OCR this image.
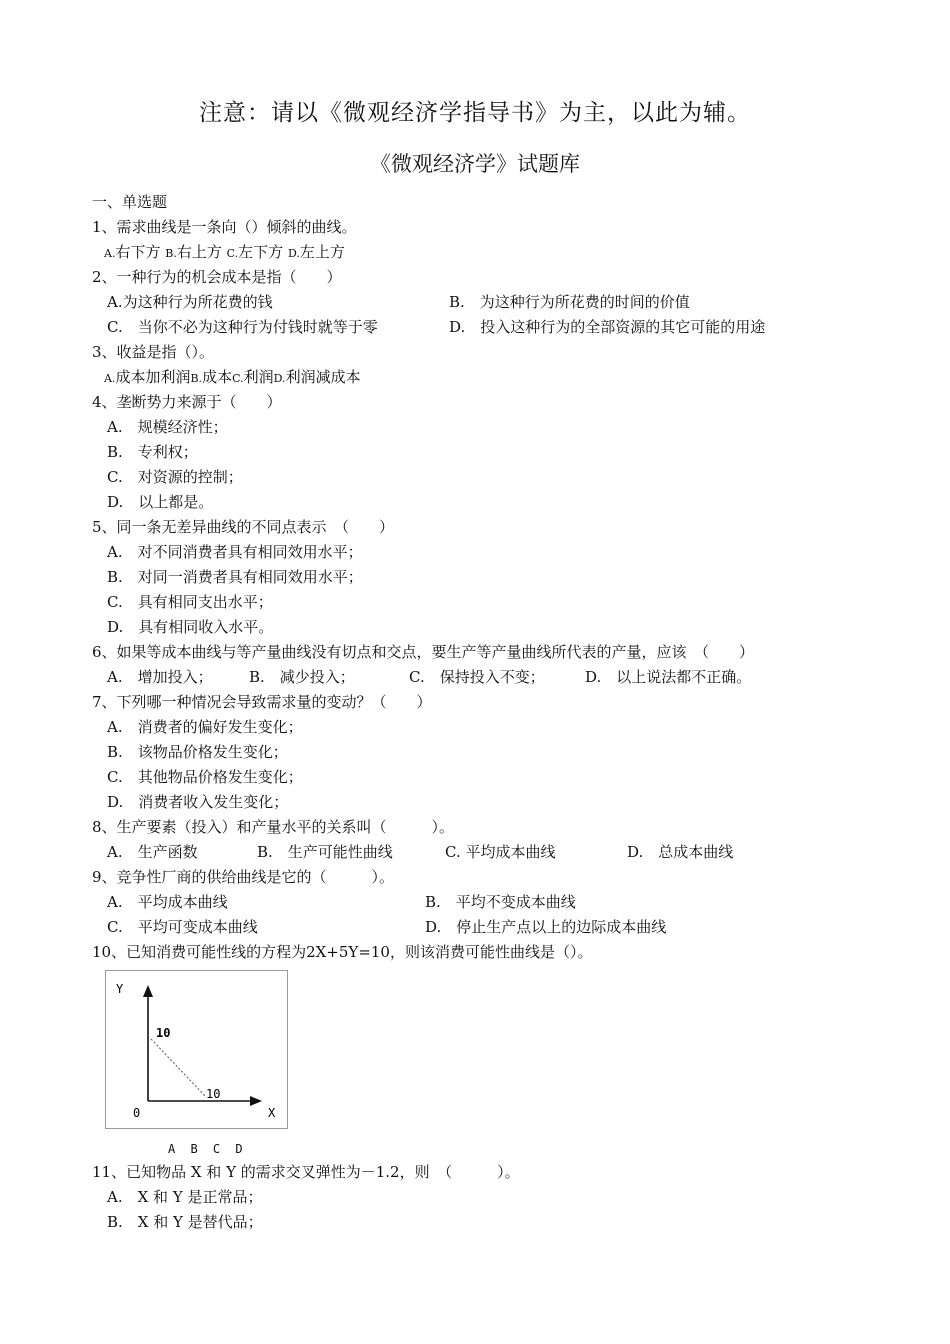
注意：请以《微观经济学指导书》为主，以此为辅。
《微观经济学》试题库
一、单选题
1、需求曲线是一条向（）倾斜的曲线。
A.右下方 B.右上方 C.左下方 D.左上方
2、一种行为的机会成本是指（　　）
A.为这种行为所花费的钱	B.　为这种行为所花费的时间的价值
C.　当你不必为这种行为付钱时就等于零	D.　投入这种行为的全部资源的其它可能的用途
3、收益是指（）。
A.成本加利润B.成本C.利润D.利润减成本
4、垄断势力来源于（　　）
A.　规模经济性；
B.　专利权；
C.　对资源的控制；
D.　以上都是。
5、同一条无差异曲线的不同点表示　（　　）
A.　对不同消费者具有相同效用水平；
B.　对同一消费者具有相同效用水平；
C.　具有相同支出水平；
D.　具有相同收入水平。
6、如果等成本曲线与等产量曲线没有切点和交点，要生产等产量曲线所代表的产量，应该　（　　）
A.　增加投入；	B.　减少投入；	C.　保持投入不变；	D.　以上说法都不正确。
7、下列哪一种情况会导致需求量的变动？（　　）
A.　消费者的偏好发生变化；
B.　该物品价格发生变化；
C.　其他物品价格发生变化；
D.　消费者收入发生变化；
8、生产要素（投入）和产量水平的关系叫（　　　）。
A.　生产函数	B.　生产可能性曲线	C. 平均成本曲线	D.　总成本曲线
9、竞争性厂商的供给曲线是它的（　　　）。
A.　平均成本曲线	B.　平均不变成本曲线
C.　平均可变成本曲线	D.　停止生产点以上的边际成本曲线
10、已知消费可能性线的方程为2X+5Y=10，则该消费可能性曲线是（）。
Y
X
0
10
10
A B C D
11、已知物品 X 和 Y 的需求交叉弹性为－1.2，则　（　　　）。
A.　X 和 Y 是正常品；
B.　X 和 Y 是替代品；
